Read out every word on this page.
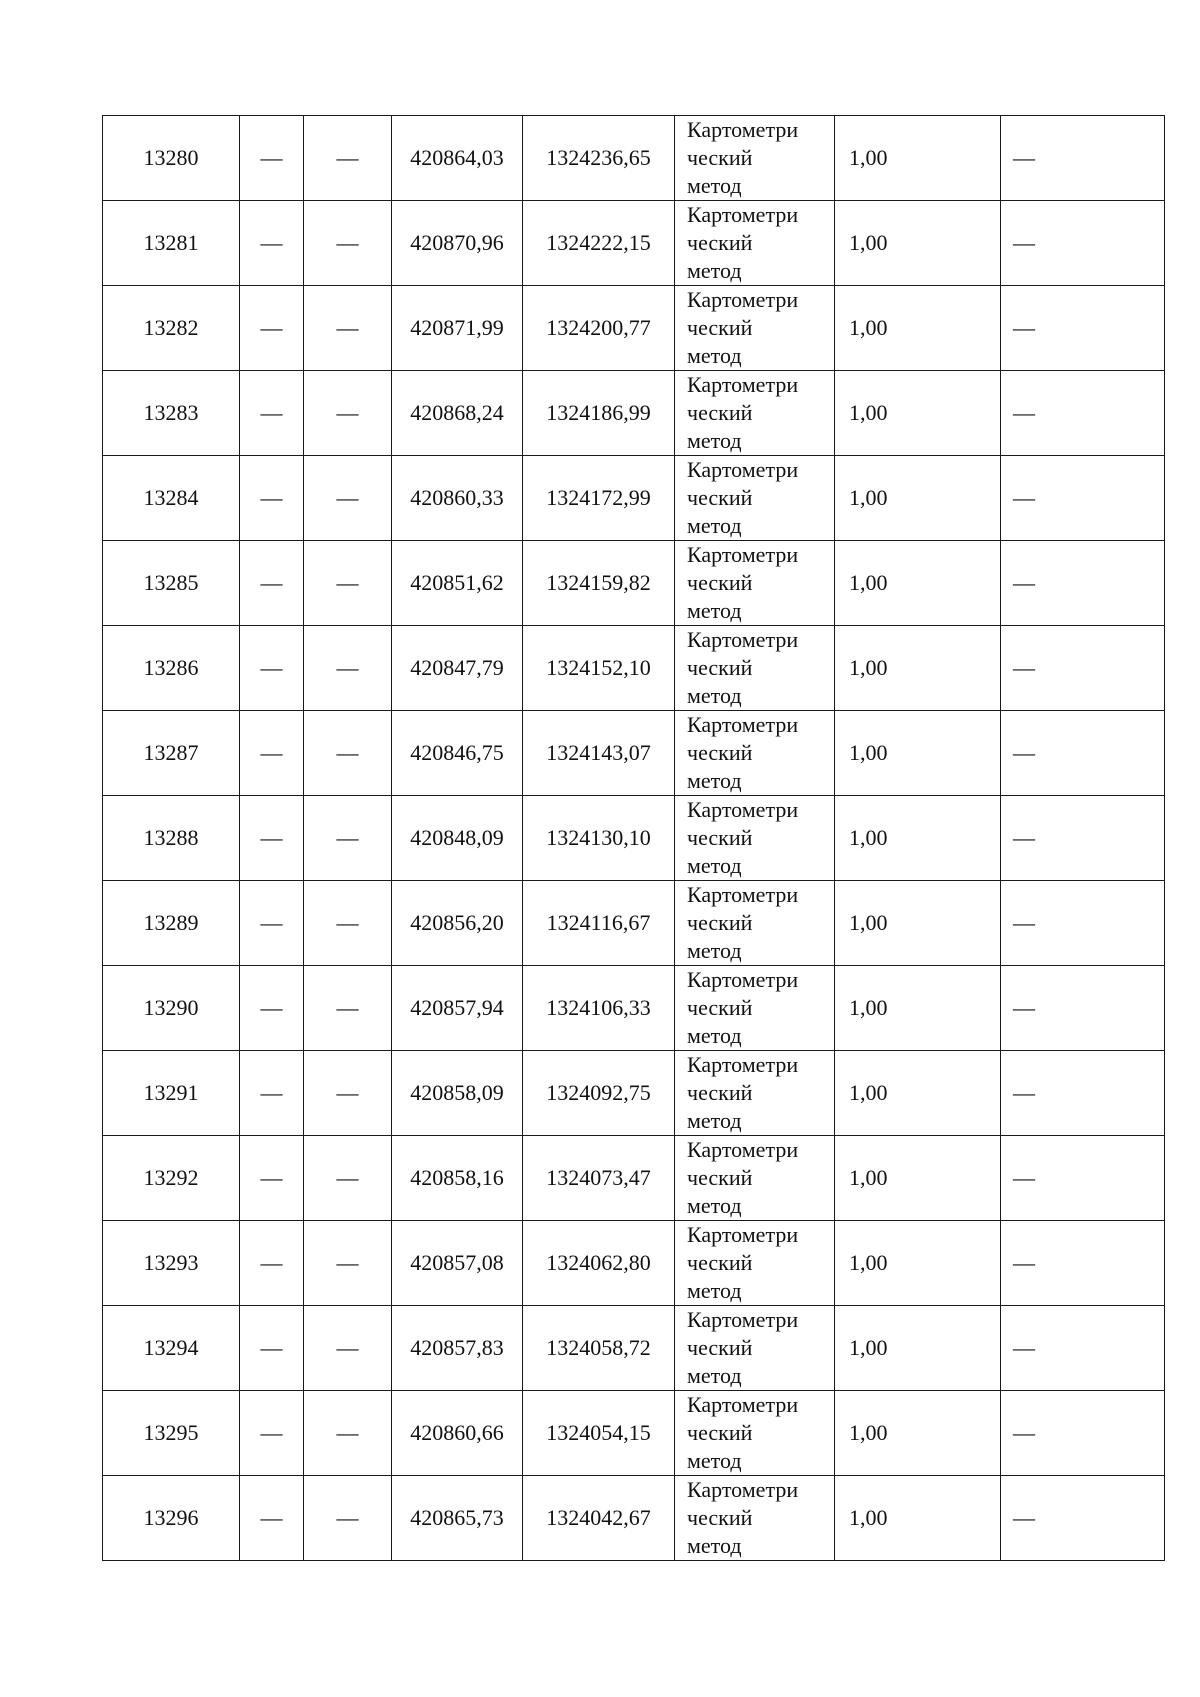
13280	—	—	420864,03	1324236,65	Картометри
ческий
метод	1,00	—
13281	—	—	420870,96	1324222,15	Картометри
ческий
метод	1,00	—
13282	—	—	420871,99	1324200,77	Картометри
ческий
метод	1,00	—
13283	—	—	420868,24	1324186,99	Картометри
ческий
метод	1,00	—
13284	—	—	420860,33	1324172,99	Картометри
ческий
метод	1,00	—
13285	—	—	420851,62	1324159,82	Картометри
ческий
метод	1,00	—
13286	—	—	420847,79	1324152,10	Картометри
ческий
метод	1,00	—
13287	—	—	420846,75	1324143,07	Картометри
ческий
метод	1,00	—
13288	—	—	420848,09	1324130,10	Картометри
ческий
метод	1,00	—
13289	—	—	420856,20	1324116,67	Картометри
ческий
метод	1,00	—
13290	—	—	420857,94	1324106,33	Картометри
ческий
метод	1,00	—
13291	—	—	420858,09	1324092,75	Картометри
ческий
метод	1,00	—
13292	—	—	420858,16	1324073,47	Картометри
ческий
метод	1,00	—
13293	—	—	420857,08	1324062,80	Картометри
ческий
метод	1,00	—
13294	—	—	420857,83	1324058,72	Картометри
ческий
метод	1,00	—
13295	—	—	420860,66	1324054,15	Картометри
ческий
метод	1,00	—
13296	—	—	420865,73	1324042,67	Картометри
ческий
метод	1,00	—
